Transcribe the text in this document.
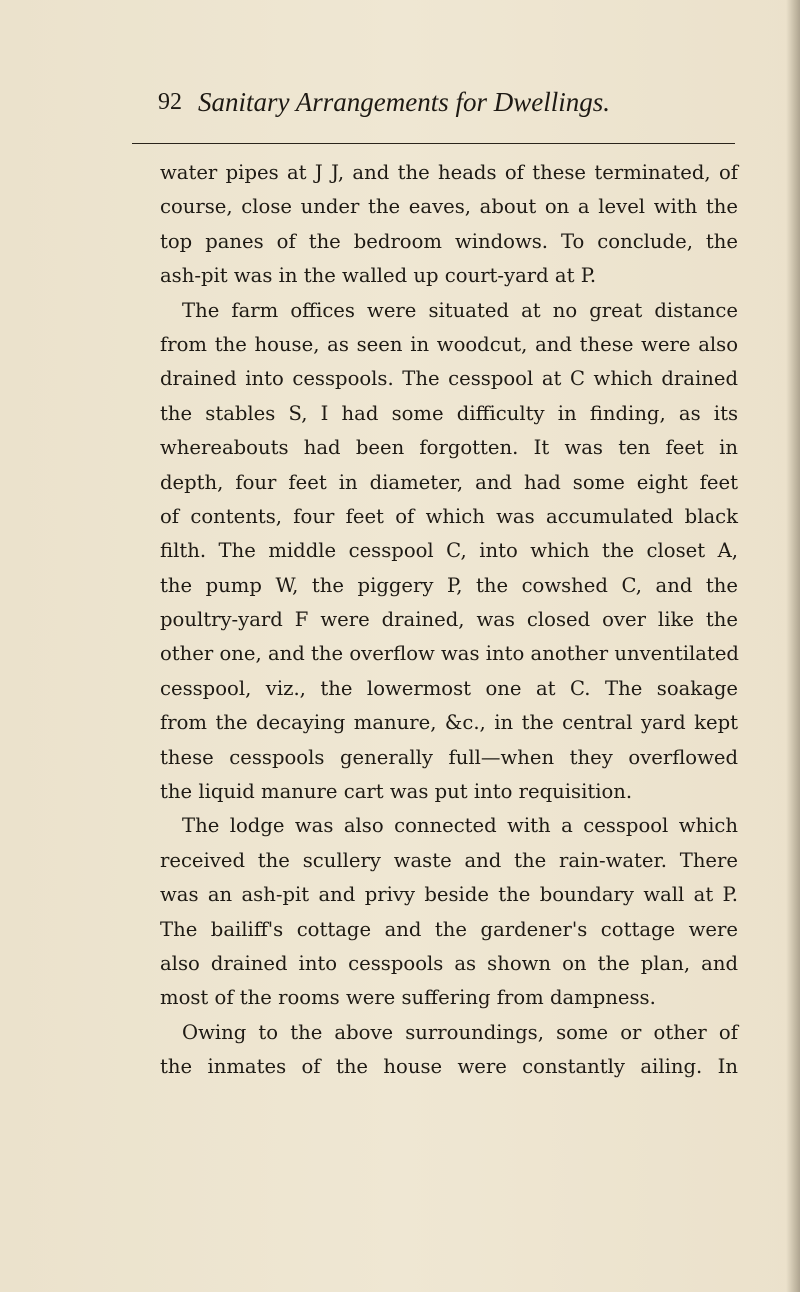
92 Sanitary Arrangements for Dwellings.
water pipes at J J, and the heads of these terminated, of
course, close under the eaves, about on a level with the
top panes of the bedroom windows. To conclude, the
ash-pit was in the walled up court-yard at P.
The farm offices were situated at no great distance
from the house, as seen in woodcut, and these were also
drained into cesspools. The cesspool at C which drained
the stables S, I had some difficulty in finding, as its
whereabouts had been forgotten. It was ten feet in
depth, four feet in diameter, and had some eight feet
of contents, four feet of which was accumulated black
filth. The middle cesspool C, into which the closet A,
the pump W, the piggery P, the cowshed C, and the
poultry-yard F were drained, was closed over like the
other one, and the overflow was into another unventilated
cesspool, viz., the lowermost one at C. The soakage
from the decaying manure, &c., in the central yard kept
these cesspools generally full—when they overflowed
the liquid manure cart was put into requisition.
The lodge was also connected with a cesspool which
received the scullery waste and the rain-water. There
was an ash-pit and privy beside the boundary wall at P.
The bailiff's cottage and the gardener's cottage were
also drained into cesspools as shown on the plan, and
most of the rooms were suffering from dampness.
Owing to the above surroundings, some or other of
the inmates of the house were constantly ailing. In
